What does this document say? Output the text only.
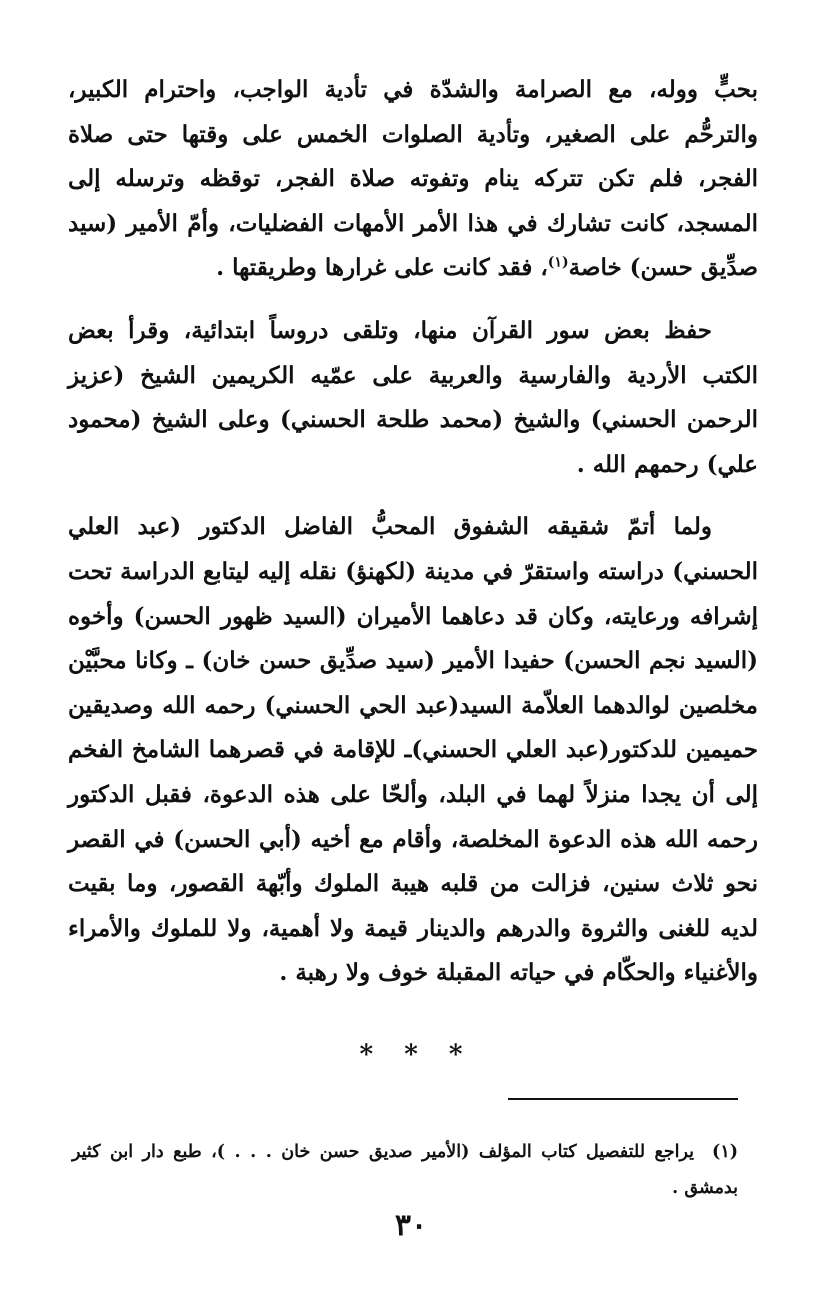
بحبٍّ ووله، مع الصرامة والشدّة في تأدية الواجب، واحترام الكبير، والترحُّم على الصغير، وتأدية الصلوات الخمس على وقتها حتى صلاة الفجر، فلم تكن تتركه ينام وتفوته صلاة الفجر، توقظه وترسله إلى المسجد، كانت تشارك في هذا الأمر الأمهات الفضليات، وأمّ الأمير (سيد صدِّيق حسن) خاصة$^{(١)}$، فقد كانت على غرارها وطريقتها .

حفظ بعض سور القرآن منها، وتلقى دروساً ابتدائية، وقرأ بعض الكتب الأردية والفارسية والعربية على عمّيه الكريمين الشيخ (عزيز الرحمن الحسني) والشيخ (محمد طلحة الحسني) وعلى الشيخ (محمود علي) رحمهم الله .

ولما أتمّ شقيقه الشفوق المحبُّ الفاضل الدكتور (عبد العلي الحسني) دراسته واستقرّ في مدينة (لكهنؤ) نقله إليه ليتابع الدراسة تحت إشرافه ورعايته، وكان قد دعاهما الأميران (السيد ظهور الحسن) وأخوه (السيد نجم الحسن) حفيدا الأمير (سيد صدِّيق حسن خان) ـ وكانا محبَّيْن مخلصين لوالدهما العلاّمة السيد(عبد الحي الحسني) رحمه الله وصديقين حميمين للدكتور(عبد العلي الحسني)ـ للإقامة في قصرهما الشامخ الفخم إلى أن يجدا منزلاً لهما في البلد، وألحّا على هذه الدعوة، فقبل الدكتور رحمه الله هذه الدعوة المخلصة، وأقام مع أخيه (أبي الحسن) في القصر نحو ثلاث سنين، فزالت من قلبه هيبة الملوك وأبّهة القصور، وما بقيت لديه للغنى والثروة والدرهم والدينار قيمة ولا أهمية، ولا للملوك والأمراء والأغنياء والحكّام في حياته المقبلة خوف ولا رهبة .

* * *
(١)يراجع للتفصيل كتاب المؤلف (الأمير صديق حسن خان . . . )، طبع دار ابن كثير بدمشق .
٣٠
